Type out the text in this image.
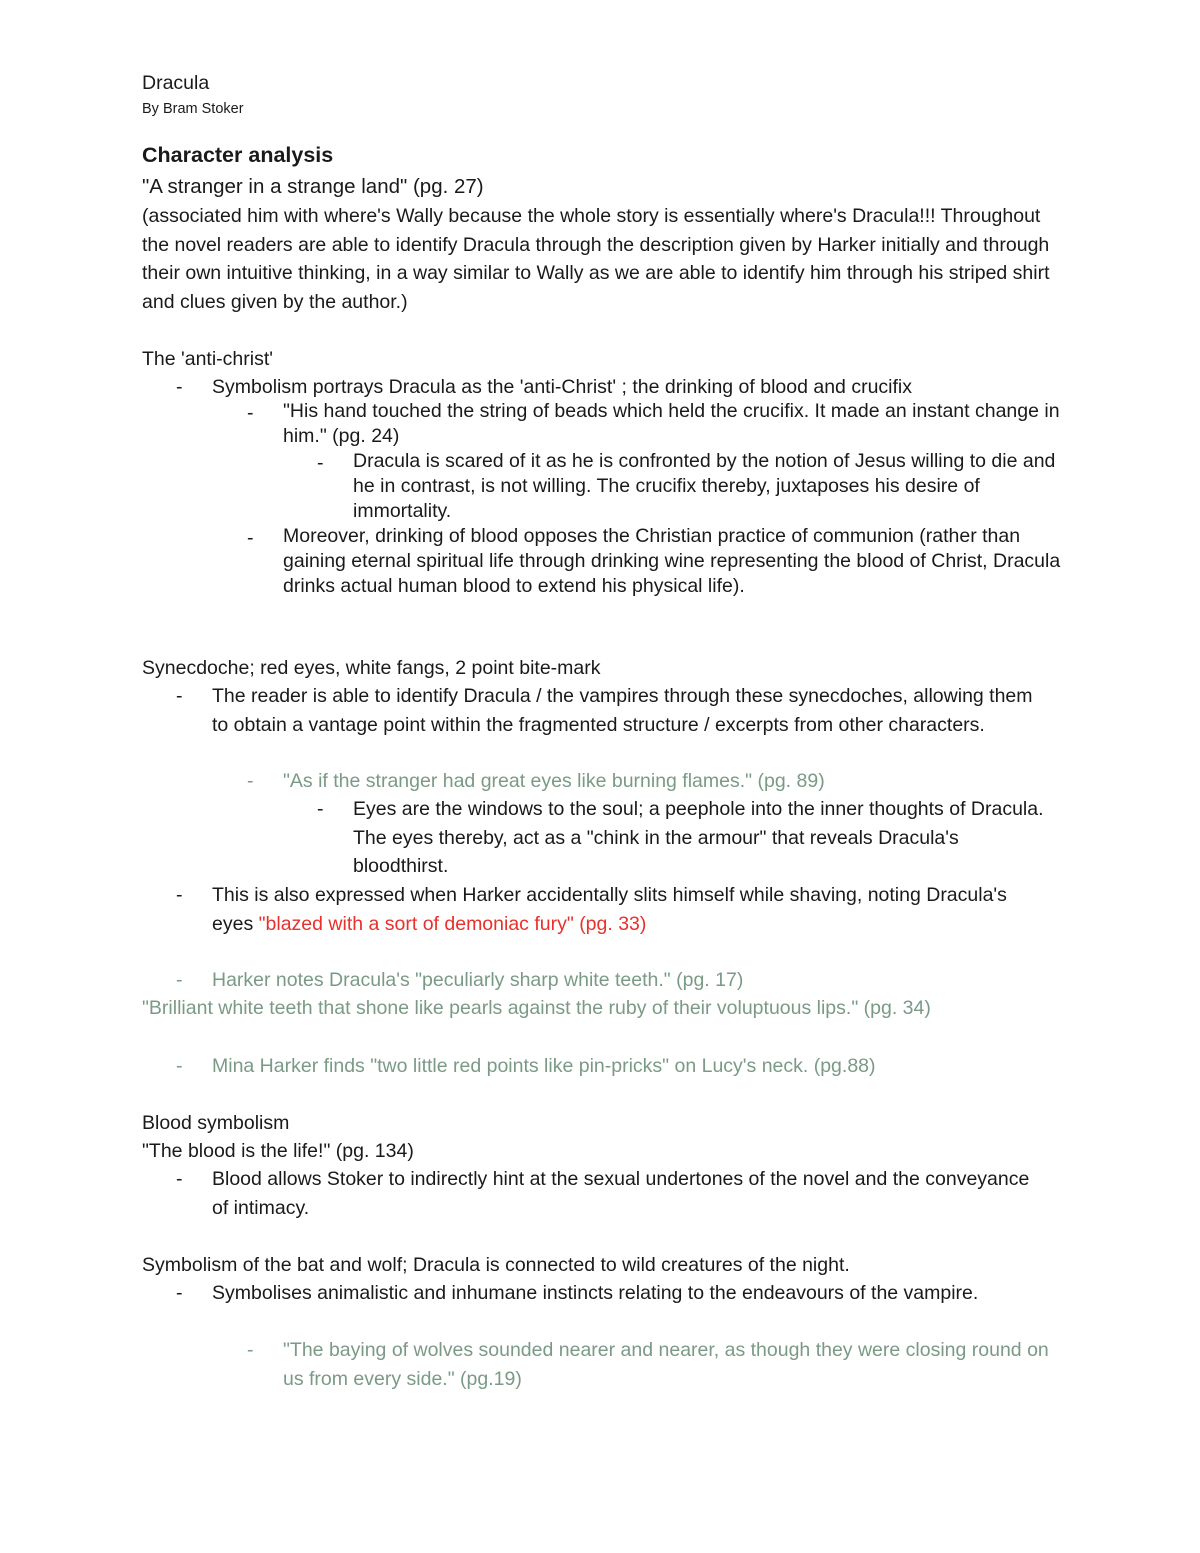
Dracula
By Bram Stoker
Character analysis
"A stranger in a strange land" (pg. 27)
(associated him with where's Wally because the whole story is essentially where's Dracula!!! Throughout the novel readers are able to identify Dracula through the description given by Harker initially and through their own intuitive thinking, in a way similar to Wally as we are able to identify him through his striped shirt and clues given by the author.)
The 'anti-christ'
- Symbolism portrays Dracula as the 'anti-Christ' ; the drinking of blood and crucifix
- "His hand touched the string of beads which held the crucifix. It made an instant change in him." (pg. 24)
- Dracula is scared of it as he is confronted by the notion of Jesus willing to die and he in contrast, is not willing. The crucifix thereby, juxtaposes his desire of immortality.
- Moreover, drinking of blood opposes the Christian practice of communion (rather than gaining eternal spiritual life through drinking wine representing the blood of Christ, Dracula drinks actual human blood to extend his physical life).
Synecdoche; red eyes, white fangs, 2 point bite-mark
- The reader is able to identify Dracula / the vampires through these synecdoches, allowing them to obtain a vantage point within the fragmented structure / excerpts from other characters.
- "As if the stranger had great eyes like burning flames." (pg. 89)
- Eyes are the windows to the soul; a peephole into the inner thoughts of Dracula. The eyes thereby, act as a "chink in the armour" that reveals Dracula's bloodthirst.
- This is also expressed when Harker accidentally slits himself while shaving, noting Dracula's eyes "blazed with a sort of demoniac fury" (pg. 33)
- Harker notes Dracula's "peculiarly sharp white teeth." (pg. 17)
"Brilliant white teeth that shone like pearls against the ruby of their voluptuous lips." (pg. 34)
- Mina Harker finds "two little red points like pin-pricks" on Lucy's neck. (pg.88)
Blood symbolism
"The blood is the life!" (pg. 134)
- Blood allows Stoker to indirectly hint at the sexual undertones of the novel and the conveyance of intimacy.
Symbolism of the bat and wolf; Dracula is connected to wild creatures of the night.
- Symbolises animalistic and inhumane instincts relating to the endeavours of the vampire.
- "The baying of wolves sounded nearer and nearer, as though they were closing round on us from every side." (pg.19)
